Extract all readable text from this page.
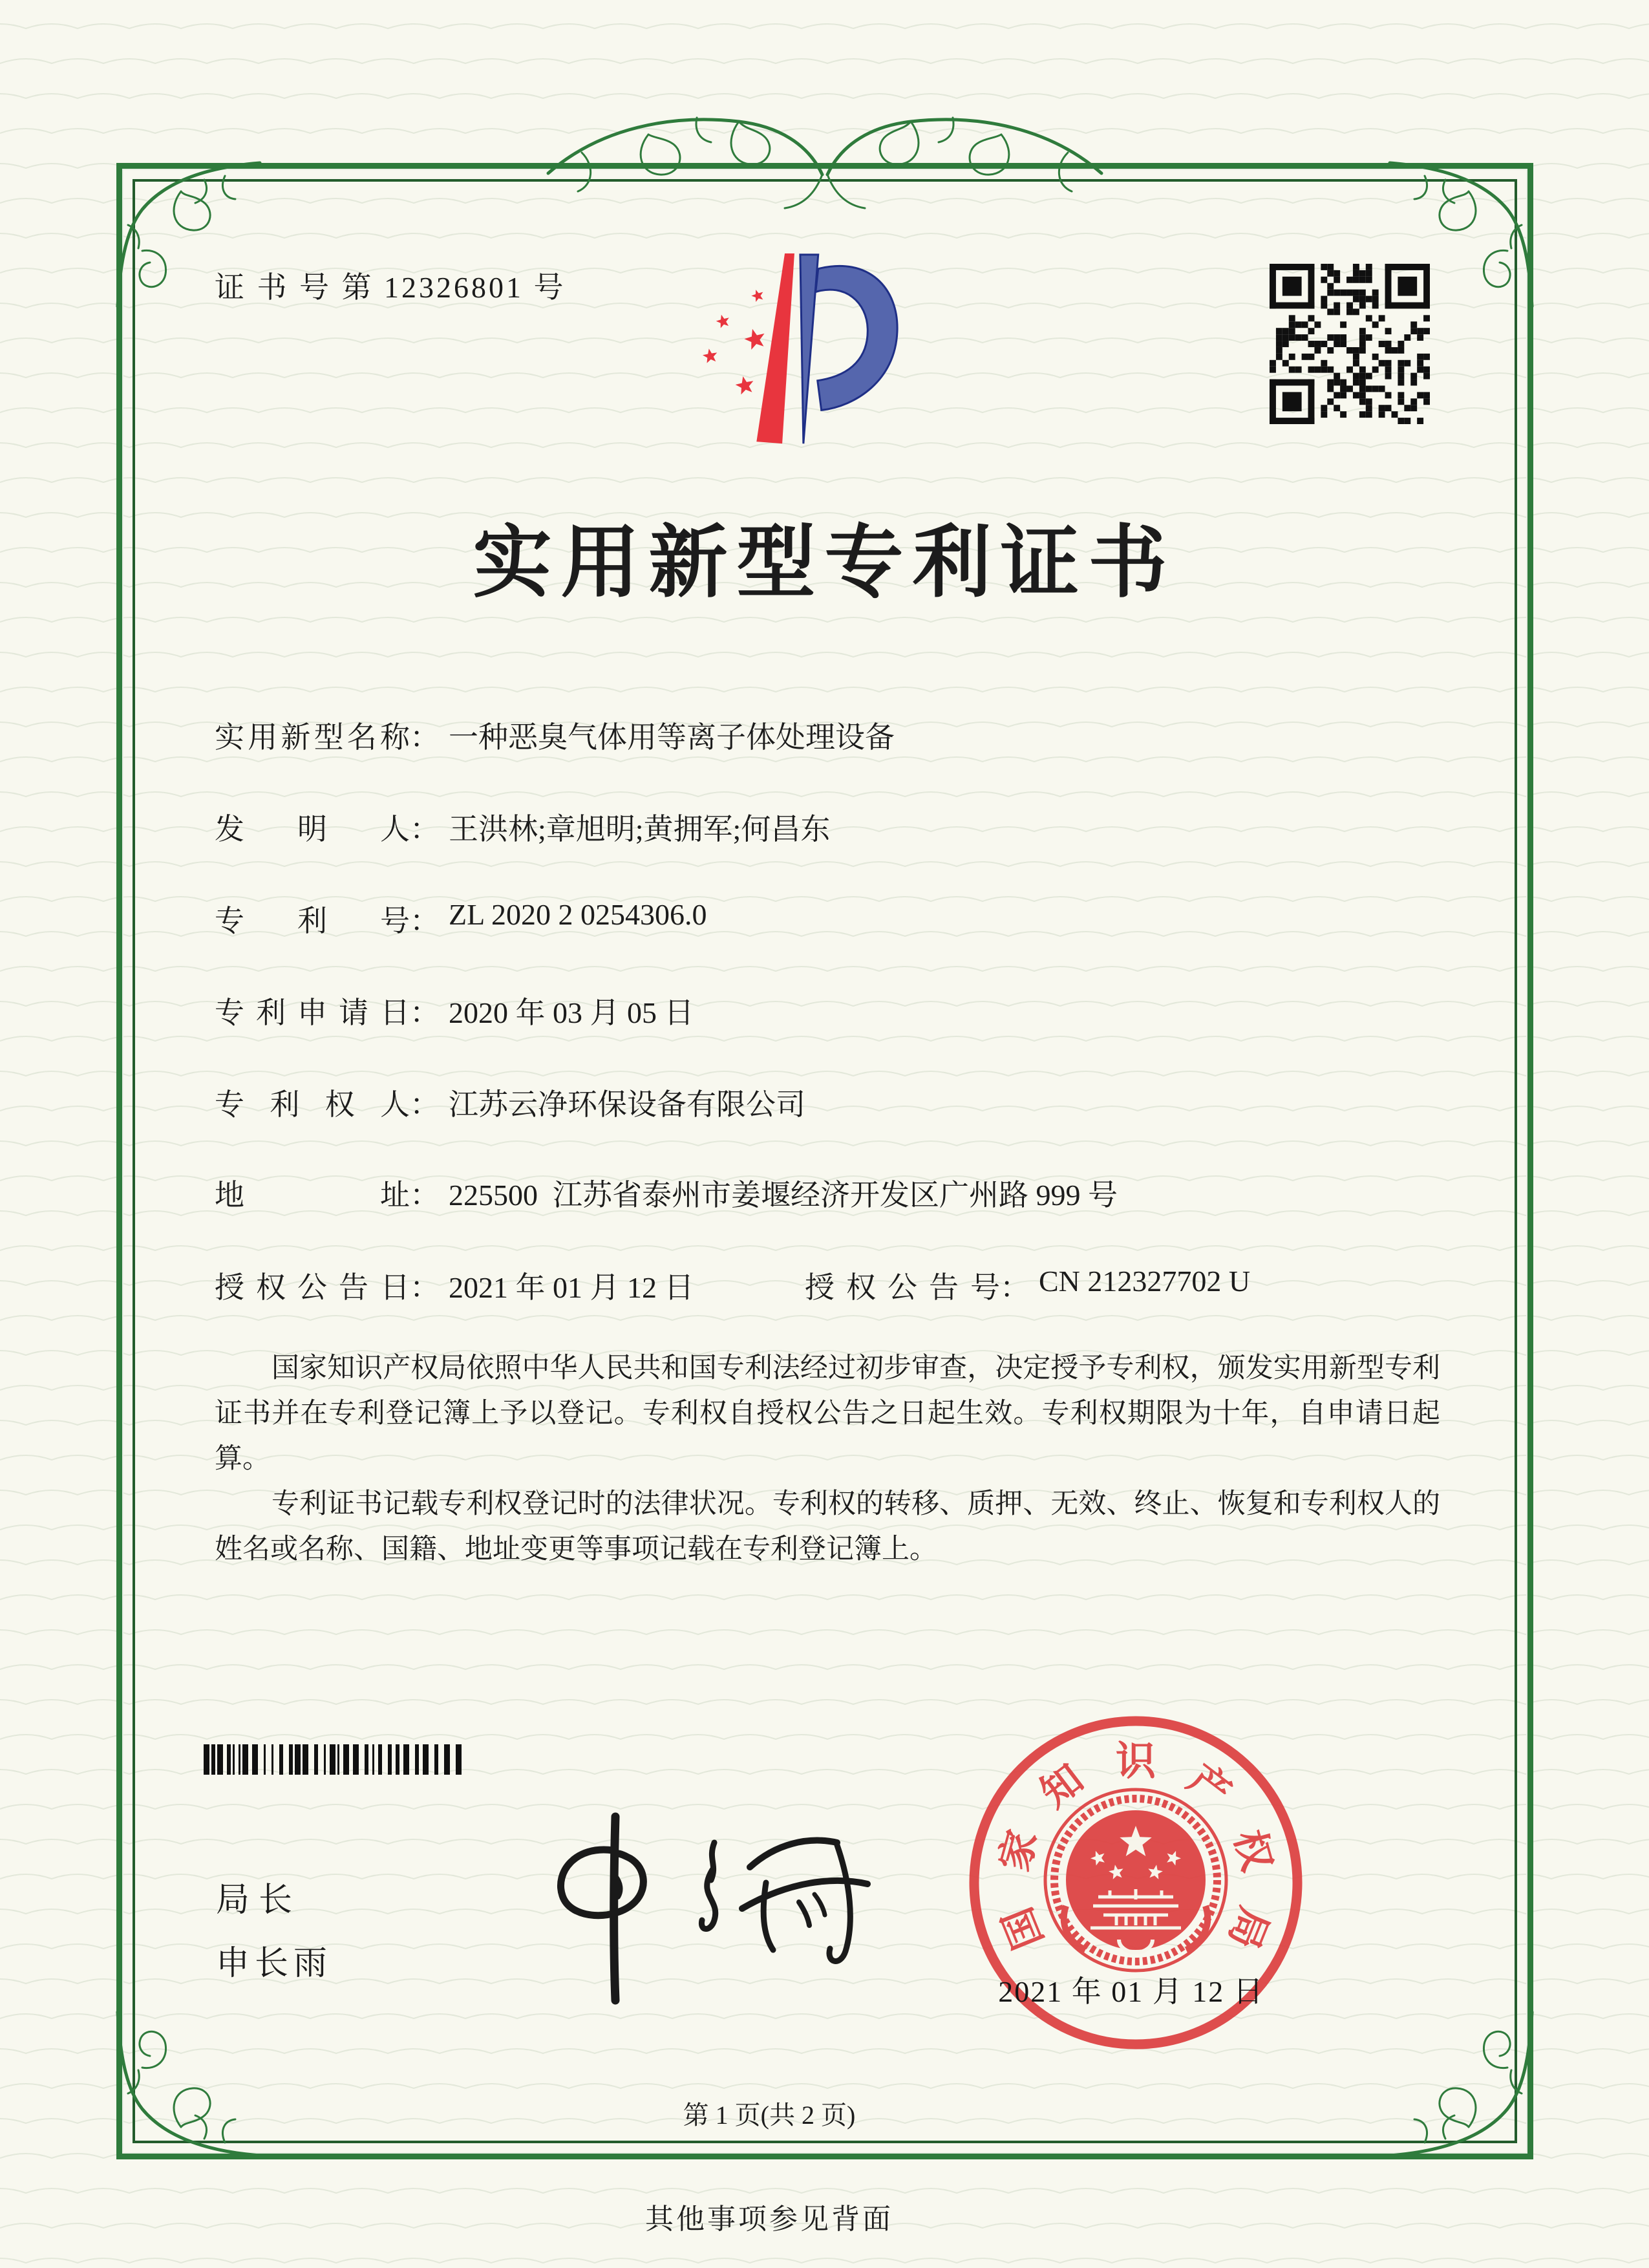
证 书 号 第 12326801 号
实用新型专利证书
实用新型名称： 一种恶臭气体用等离子体处理设备
发明人： 王洪林;章旭明;黄拥军;何昌东
专利号： ZL 2020 2 0254306.0
专利申请日： 2020 年 03 月 05 日
专利权人： 江苏云净环保设备有限公司
地址： 225500  江苏省泰州市姜堰经济开发区广州路 999 号
授权公告日： 2021 年 01 月 12 日	授权公告号： CN 212327702 U

国家知识产权局依照中华人民共和国专利法经过初步审查，决定授予专利权，颁发实用新型专利证书并在专利登记簿上予以登记。专利权自授权公告之日起生效。专利权期限为十年，自申请日起算。

专利证书记载专利权登记时的法律状况。专利权的转移、质押、无效、终止、恢复和专利权人的姓名或名称、国籍、地址变更等事项记载在专利登记簿上。

局长
申长雨
国
家
知 识 产
权
局
2021 年 01 月 12 日
第 1 页(共 2 页)
其他事项参见背面
